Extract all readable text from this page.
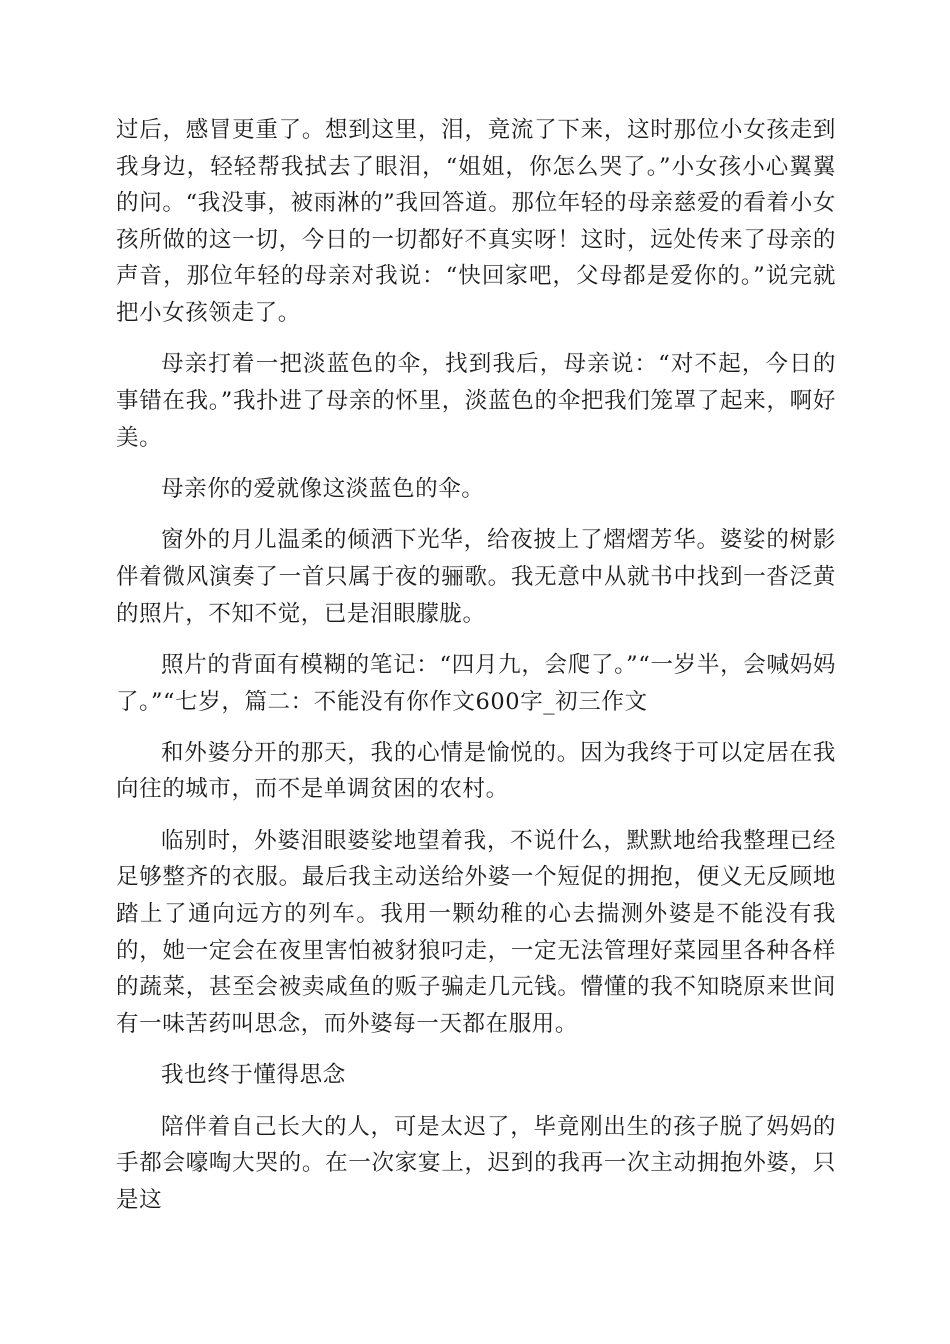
过后，感冒更重了。想到这里，泪，竟流了下来，这时那位小女孩走到我身边，轻轻帮我拭去了眼泪，“姐姐，你怎么哭了。”小女孩小心翼翼的问。“我没事，被雨淋的”我回答道。那位年轻的母亲慈爱的看着小女孩所做的这一切，今日的一切都好不真实呀！这时，远处传来了母亲的声音，那位年轻的母亲对我说：“快回家吧，父母都是爱你的。”说完就把小女孩领走了。

母亲打着一把淡蓝色的伞，找到我后，母亲说：“对不起，今日的事错在我。”我扑进了母亲的怀里，淡蓝色的伞把我们笼罩了起来，啊好美。

母亲你的爱就像这淡蓝色的伞。

窗外的月儿温柔的倾洒下光华，给夜披上了熠熠芳华。婆娑的树影伴着微风演奏了一首只属于夜的骊歌。我无意中从就书中找到一沓泛黄的照片，不知不觉，已是泪眼朦胧。

照片的背面有模糊的笔记：“四月九，会爬了。”“一岁半，会喊妈妈了。”“七岁，篇二：不能没有你作文600字_初三作文

和外婆分开的那天，我的心情是愉悦的。因为我终于可以定居在我向往的城市，而不是单调贫困的农村。

临别时，外婆泪眼婆娑地望着我，不说什么，默默地给我整理已经足够整齐的衣服。最后我主动送给外婆一个短促的拥抱，便义无反顾地踏上了通向远方的列车。我用一颗幼稚的心去揣测外婆是不能没有我的，她一定会在夜里害怕被豺狼叼走，一定无法管理好菜园里各种各样的蔬菜，甚至会被卖咸鱼的贩子骗走几元钱。懵懂的我不知晓原来世间有一味苦药叫思念，而外婆每一天都在服用。

我也终于懂得思念

陪伴着自己长大的人，可是太迟了，毕竟刚出生的孩子脱了妈妈的手都会嚎啕大哭的。在一次家宴上，迟到的我再一次主动拥抱外婆，只是这
